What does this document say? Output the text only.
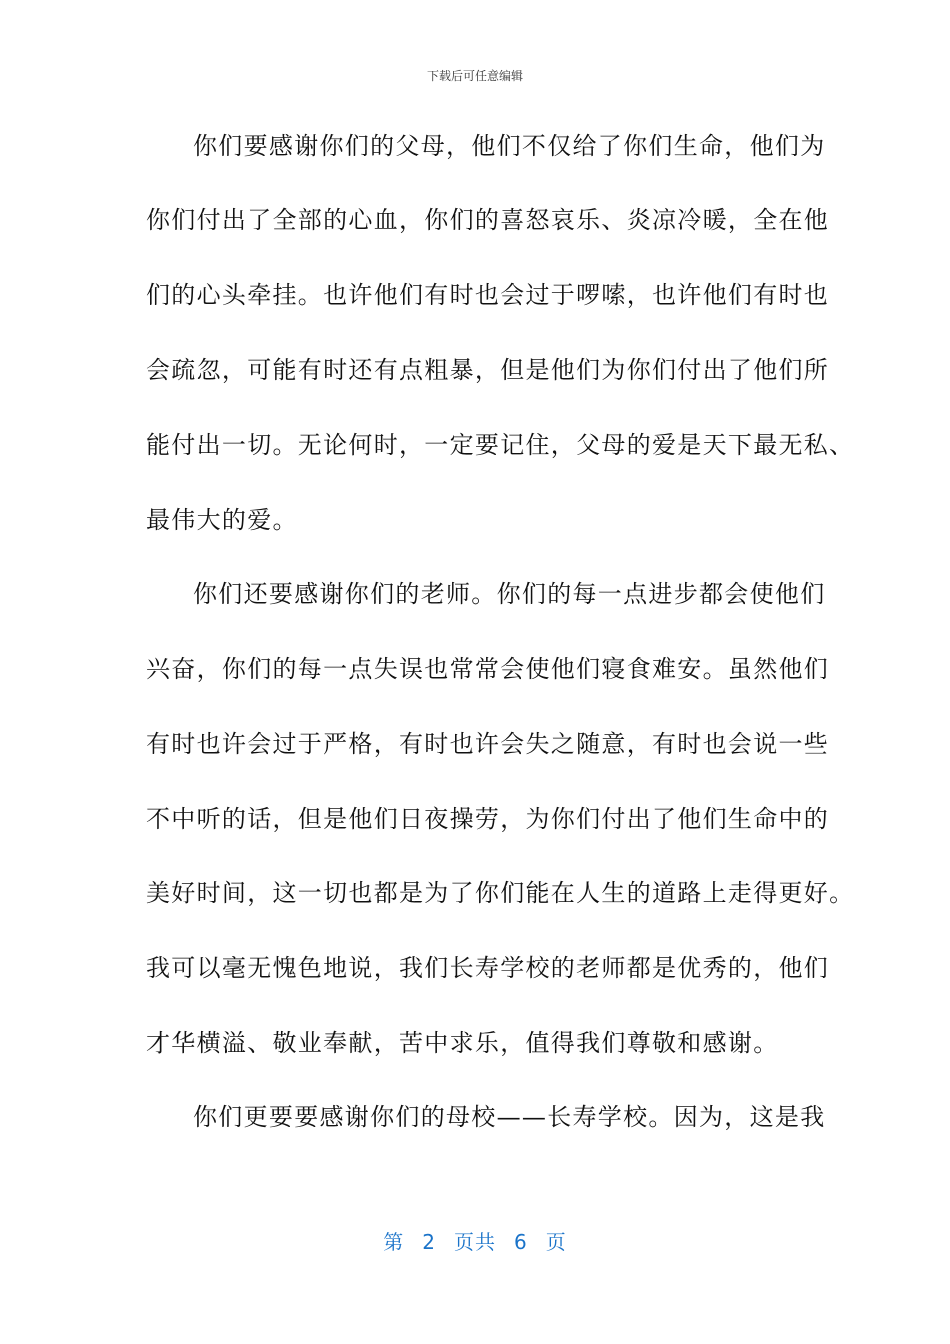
下载后可任意编辑
你们要感谢你们的父母，他们不仅给了你们生命，他们为
你们付出了全部的心血，你们的喜怒哀乐、炎凉冷暖，全在他
们的心头牵挂。也许他们有时也会过于啰嗦，也许他们有时也
会疏忽，可能有时还有点粗暴，但是他们为你们付出了他们所
能付出一切。无论何时，一定要记住，父母的爱是天下最无私、
最伟大的爱。
你们还要感谢你们的老师。你们的每一点进步都会使他们
兴奋，你们的每一点失误也常常会使他们寝食难安。虽然他们
有时也许会过于严格，有时也许会失之随意，有时也会说一些
不中听的话，但是他们日夜操劳，为你们付出了他们生命中的
美好时间，这一切也都是为了你们能在人生的道路上走得更好。
我可以毫无愧色地说，我们长寿学校的老师都是优秀的，他们
才华横溢、敬业奉献，苦中求乐，值得我们尊敬和感谢。
你们更要要感谢你们的母校——长寿学校。因为，这是我
第 2 页共 6 页
